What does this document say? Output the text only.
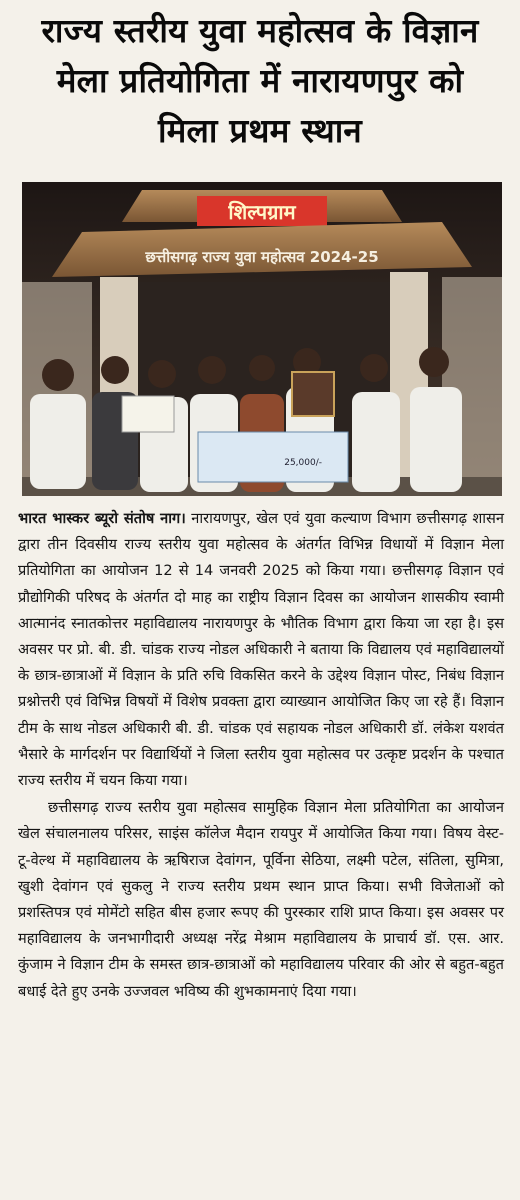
राज्य स्तरीय युवा महोत्सव के विज्ञान
मेला प्रतियोगिता में नारायणपुर को
मिला प्रथम स्थान
शिल्पग्राम
छत्तीसगढ़ राज्य युवा महोत्सव 2024-25
25,000/-

भारत भास्कर ब्यूरो संतोष नाग। नारायणपुर, खेल एवं युवा कल्याण विभाग छत्तीसगढ़ शासन द्वारा तीन दिवसीय राज्य स्तरीय युवा महोत्सव के अंतर्गत विभिन्न विधायों में विज्ञान मेला प्रतियोगिता का आयोजन 12 से 14 जनवरी 2025 को किया गया। छत्तीसगढ़ विज्ञान एवं प्रौद्योगिकी परिषद के अंतर्गत दो माह का राष्ट्रीय विज्ञान दिवस का आयोजन शासकीय स्वामी आत्मानंद स्नातकोत्तर महाविद्यालय नारायणपुर के भौतिक विभाग द्वारा किया जा रहा है। इस अवसर पर प्रो. बी. डी. चांडक राज्य नोडल अधिकारी ने बताया कि विद्यालय एवं महाविद्यालयों के छात्र-छात्राओं में विज्ञान के प्रति रुचि विकसित करने के उद्देश्य विज्ञान पोस्ट, निबंध विज्ञान प्रश्नोत्तरी एवं विभिन्न विषयों में विशेष प्रवक्ता द्वारा व्याख्यान आयोजित किए जा रहे हैं। विज्ञान टीम के साथ नोडल अधिकारी बी. डी. चांडक एवं सहायक नोडल अधिकारी डॉ. लंकेश यशवंत भैसारे के मार्गदर्शन पर विद्यार्थियों ने जिला स्तरीय युवा महोत्सव पर उत्कृष्ट प्रदर्शन के पश्चात राज्य स्तरीय में चयन किया गया।

छत्तीसगढ़ राज्य स्तरीय युवा महोत्सव सामुहिक विज्ञान मेला प्रतियोगिता का आयोजन खेल संचालनालय परिसर, साइंस कॉलेज मैदान रायपुर में आयोजित किया गया। विषय वेस्ट-टू-वेल्थ में महाविद्यालय के ऋषिराज देवांगन, पूर्विना सेठिया, लक्ष्मी पटेल, संतिला, सुमित्रा, खुशी देवांगन एवं सुकलु ने राज्य स्तरीय प्रथम स्थान प्राप्त किया। सभी विजेताओं को प्रशस्तिपत्र एवं मोमेंटो सहित बीस हजार रूपए की पुरस्कार राशि प्राप्त किया। इस अवसर पर महाविद्यालय के जनभागीदारी अध्यक्ष नरेंद्र मेश्राम महाविद्यालय के प्राचार्य डॉ. एस. आर. कुंजाम ने विज्ञान टीम के समस्त छात्र-छात्राओं को महाविद्यालय परिवार की ओर से बहुत-बहुत बधाई देते हुए उनके उज्जवल भविष्य की शुभकामनाएं दिया गया।
